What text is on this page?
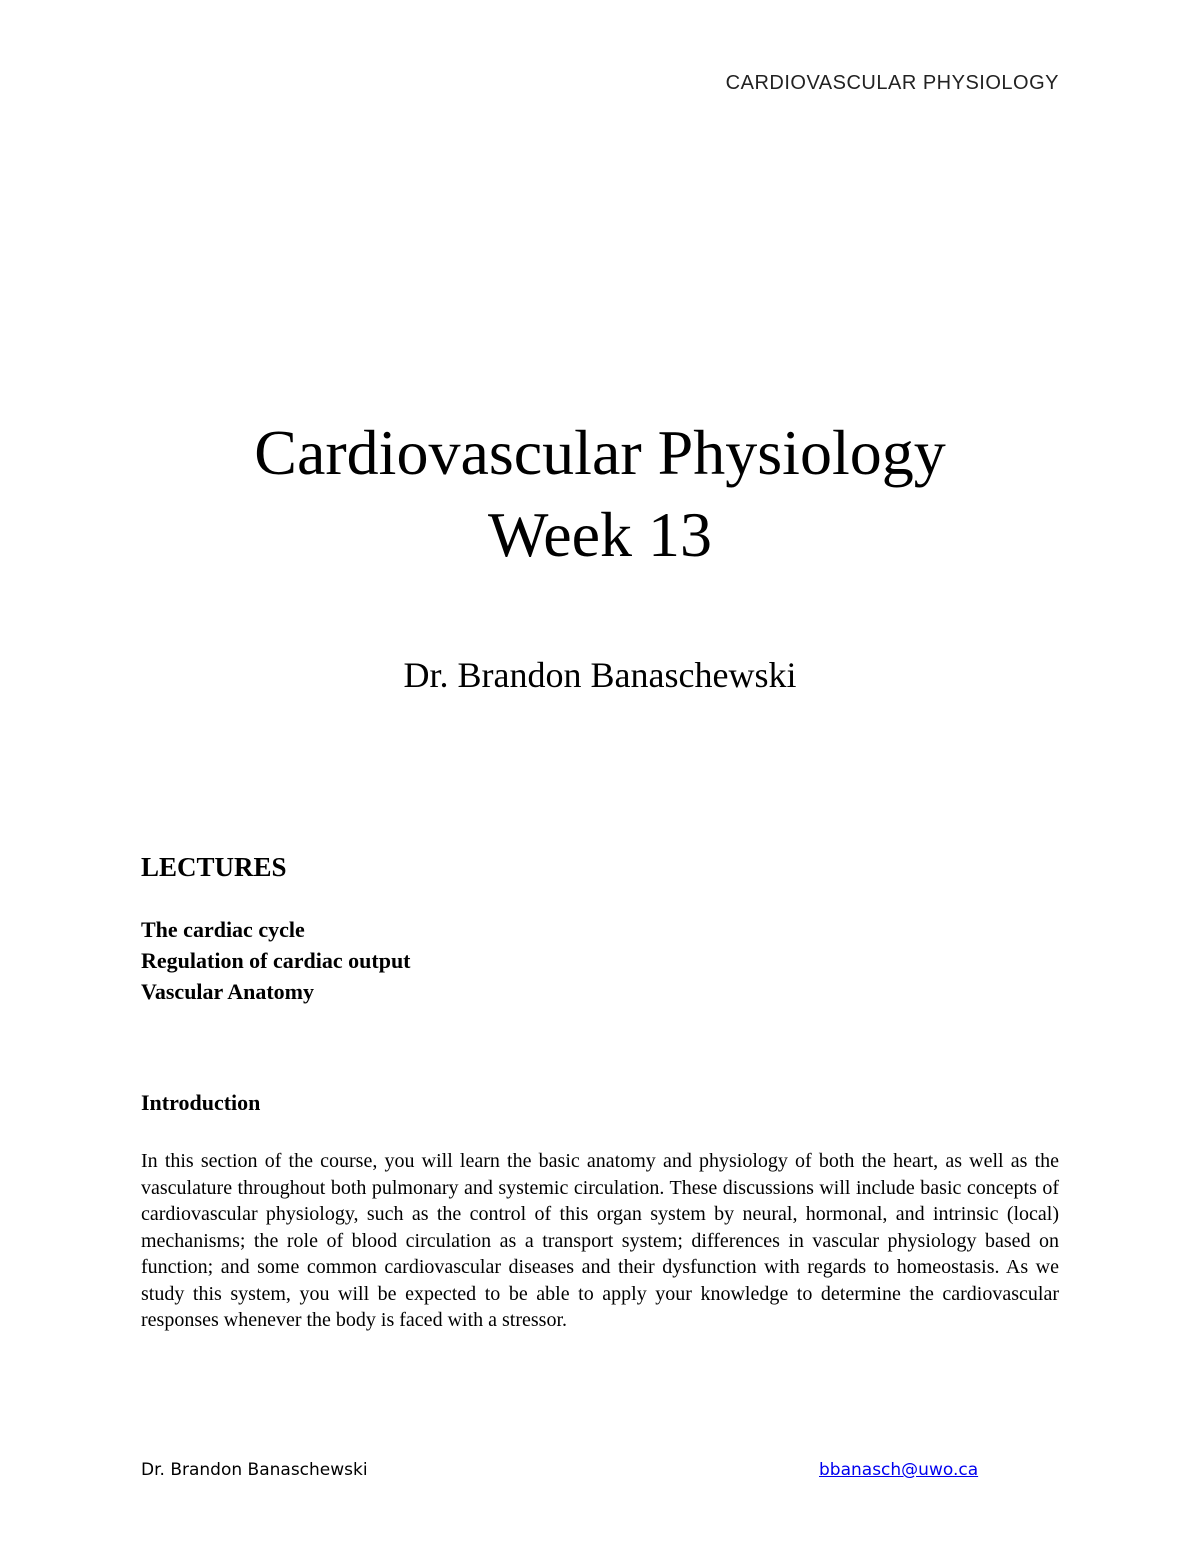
CARDIOVASCULAR PHYSIOLOGY
Cardiovascular Physiology
Week 13
Dr. Brandon Banaschewski
LECTURES
The cardiac cycle
Regulation of cardiac output
Vascular Anatomy
Introduction

In this section of the course, you will learn the basic anatomy and physiology of both the heart, as well as the vasculature throughout both pulmonary and systemic circulation. These discussions will include basic concepts of cardiovascular physiology, such as the control of this organ system by neural, hormonal, and intrinsic (local) mechanisms; the role of blood circulation as a transport system; differences in vascular physiology based on function; and some common cardiovascular diseases and their dysfunction with regards to homeostasis. As we study this system, you will be expected to be able to apply your knowledge to determine the cardiovascular responses whenever the body is faced with a stressor.

Dr. Brandon Banaschewski	bbanasch@uwo.ca
